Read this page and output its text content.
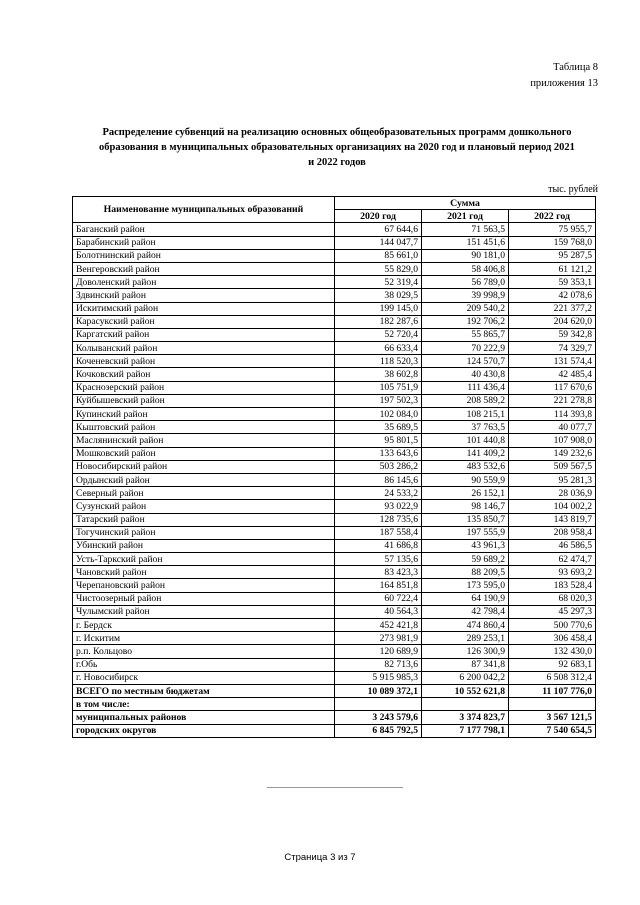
Таблица 8
приложения 13
Распределение субвенций на реализацию основных общеобразовательных программ дошкольного
образования в муниципальных образовательных организациях на 2020 год и плановый период 2021
и 2022 годов
тыс. рублей
Наименование муниципальных образований	Сумма		
	2020 год	2021 год	2022 год
Баганский район	67 644,6	71 563,5	75 955,7
Барабинский район	144 047,7	151 451,6	159 768,0
Болотнинский район	85 661,0	90 181,0	95 287,5
Венгеровский район	55 829,0	58 406,8	61 121,2
Доволенский район	52 319,4	56 789,0	59 353,1
Здвинский район	38 029,5	39 998,9	42 078,6
Искитимский район	199 145,0	209 540,2	221 377,2
Карасукский район	182 287,6	192 706,2	204 620,0
Каргатский район	52 720,4	55 865,7	59 342,8
Колыванский район	66 633,4	70 222,9	74 329,7
Коченевский район	118 520,3	124 570,7	131 574,4
Кочковский район	38 602,8	40 430,8	42 485,4
Краснозерский район	105 751,9	111 436,4	117 670,6
Куйбышевский район	197 502,3	208 589,2	221 278,8
Купинский район	102 084,0	108 215,1	114 393,8
Кыштовский район	35 689,5	37 763,5	40 077,7
Маслянинский район	95 801,5	101 440,8	107 908,0
Мошковский район	133 643,6	141 409,2	149 232,6
Новосибирский район	503 286,2	483 532,6	509 567,5
Ордынский район	86 145,6	90 559,9	95 281,3
Северный район	24 533,2	26 152,1	28 036,9
Сузунский район	93 022,9	98 146,7	104 002,2
Татарский район	128 735,6	135 850,7	143 819,7
Тогучинский район	187 558,4	197 555,9	208 958,4
Убинский район	41 686,8	43 961,3	46 586,5
Усть-Таркский район	57 135,6	59 689,2	62 474,7
Чановский район	83 423,3	88 209,5	93 693,2
Черепановский район	164 851,8	173 595,0	183 528,4
Чистоозерный район	60 722,4	64 190,9	68 020,3
Чулымский район	40 564,3	42 798,4	45 297,3
г. Бердск	452 421,8	474 860,4	500 770,6
г. Искитим	273 981,9	289 253,1	306 458,4
р.п. Кольцово	120 689,9	126 300,9	132 430,0
г.Обь	82 713,6	87 341,8	92 683,1
г. Новосибирск	5 915 985,3	6 200 042,2	6 508 312,4
ВСЕГО по местным бюджетам	10 089 372,1	10 552 621,8	11 107 776,0
в том числе:			
муниципальных районов	3 243 579,6	3 374 823,7	3 567 121,5
городских округов	6 845 792,5	7 177 798,1	7 540 654,5
Страница 3 из 7
